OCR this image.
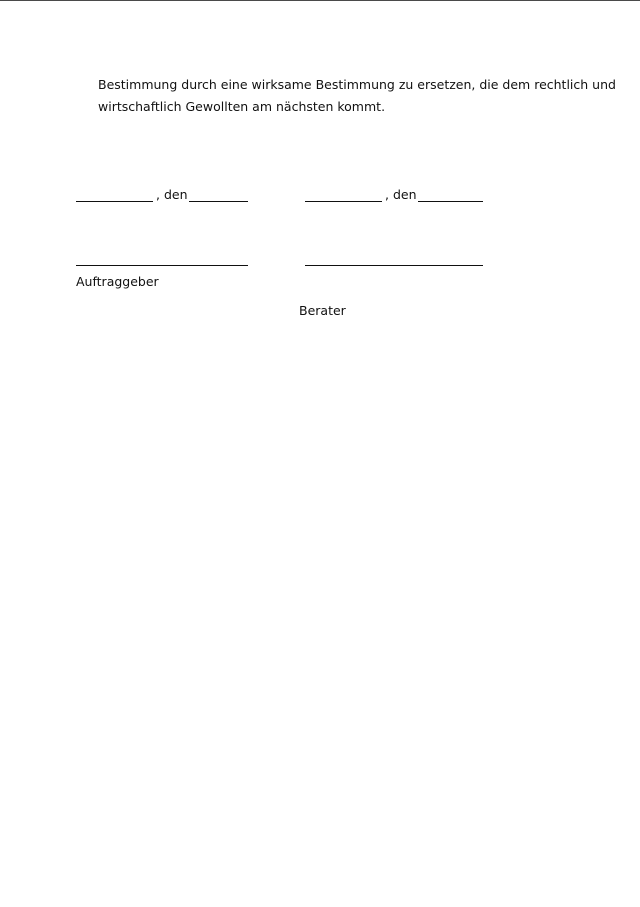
Bestimmung durch eine wirksame Bestimmung zu ersetzen, die dem rechtlich und
wirtschaftlich Gewollten am nächsten kommt.
, den	, den
Auftraggeber
Berater
